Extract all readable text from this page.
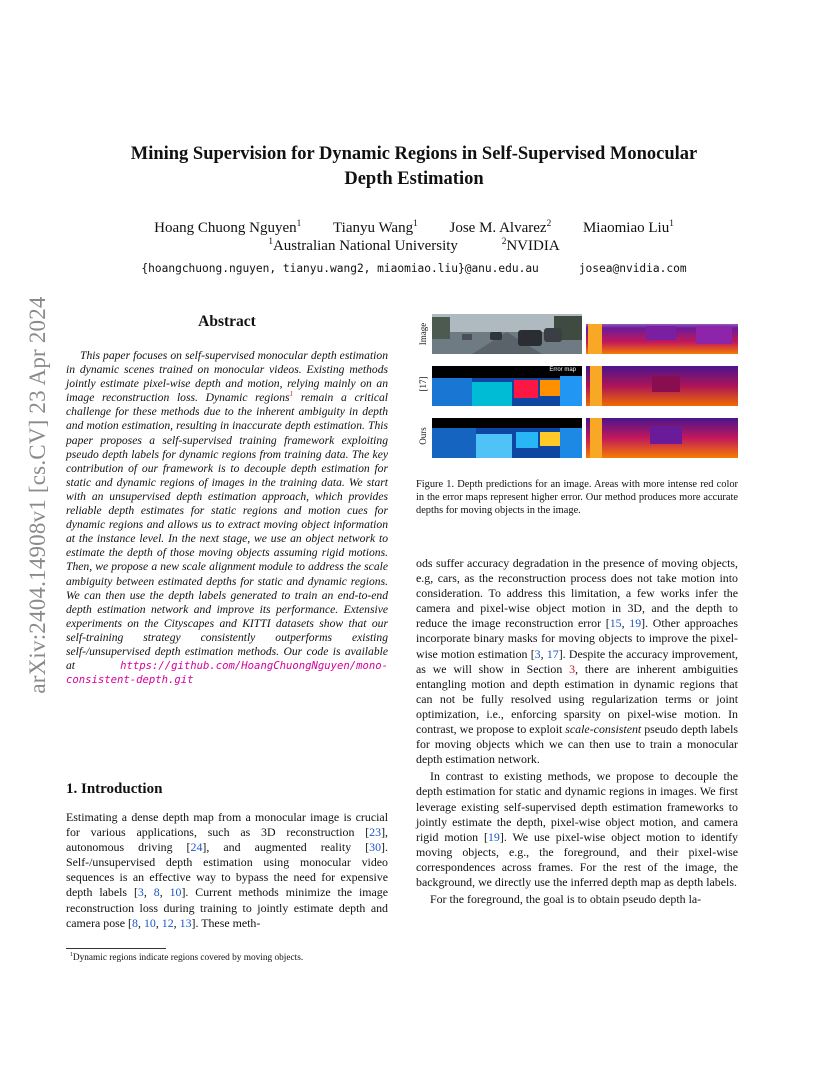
arXiv:2404.14908v1 [cs.CV] 23 Apr 2024
Mining Supervision for Dynamic Regions in Self-Supervised Monocular
Depth Estimation
Hoang Chuong Nguyen$^1$ Tianyu Wang$^1$ Jose M. Alvarez$^2$ Miaomiao Liu$^1$
$^1$Australian National University	$^2$NVIDIA
{hoangchuong.nguyen, tianyu.wang2, miaomiao.liu}@anu.edu.au	josea@nvidia.com
Abstract
This paper focuses on self-supervised monocular depth estimation in dynamic scenes trained on monocular videos. Existing methods jointly estimate pixel-wise depth and motion, relying mainly on an image reconstruction loss. Dynamic regions$^1$ remain a critical challenge for these methods due to the inherent ambiguity in depth and motion estimation, resulting in inaccurate depth estimation. This paper proposes a self-supervised training framework exploiting pseudo depth labels for dynamic regions from training data. The key contribution of our framework is to decouple depth estimation for static and dynamic regions of images in the training data. We start with an unsupervised depth estimation approach, which provides reliable depth estimates for static regions and motion cues for dynamic regions and allows us to extract moving object information at the instance level. In the next stage, we use an object network to estimate the depth of those moving objects assuming rigid motions. Then, we propose a new scale alignment module to address the scale ambiguity between estimated depths for static and dynamic regions. We can then use the depth labels generated to train an end-to-end depth estimation network and improve its performance. Extensive experiments on the Cityscapes and KITTI datasets show that our self-training strategy consistently outperforms existing self-/unsupervised depth estimation methods. Our code is available at https://github.com/HoangChuongNguyen/mono-consistent-depth.git
1. Introduction
Estimating a dense depth map from a monocular image is crucial for various applications, such as 3D reconstruction [23], autonomous driving [24], and augmented reality [30]. Self-/unsupervised depth estimation using monocular video sequences is an effective way to bypass the need for expensive depth labels [3, 8, 10]. Current methods minimize the image reconstruction loss during training to jointly estimate depth and camera pose [8, 10, 12, 13]. These meth-
$^1$Dynamic regions indicate regions covered by moving objects.
Image
[17]
Ours
Ground-truth depth
Error map
Figure 1. Depth predictions for an image. Areas with more intense red color in the error maps represent higher error. Our method produces more accurate depths for moving objects in the image.

ods suffer accuracy degradation in the presence of moving objects, e.g, cars, as the reconstruction process does not take motion into consideration. To address this limitation, a few works infer the camera and pixel-wise object motion in 3D, and the depth to reduce the image reconstruction error [15, 19]. Other approaches incorporate binary masks for moving objects to improve the pixel-wise motion estimation [3, 17]. Despite the accuracy improvement, as we will show in Section 3, there are inherent ambiguities entangling motion and depth estimation in dynamic regions that can not be fully resolved using regularization terms or joint optimization, i.e., enforcing sparsity on pixel-wise motion. In contrast, we propose to exploit scale-consistent pseudo depth labels for moving objects which we can then use to train a monocular depth estimation network.

In contrast to existing methods, we propose to decouple the depth estimation for static and dynamic regions in images. We first leverage existing self-supervised depth estimation frameworks to jointly estimate the depth, pixel-wise object motion, and camera rigid motion [19]. We use pixel-wise object motion to identify moving objects, e.g., the foreground, and their pixel-wise correspondences across frames. For the rest of the image, the background, we directly use the inferred depth map as depth labels.

For the foreground, the goal is to obtain pseudo depth la-
